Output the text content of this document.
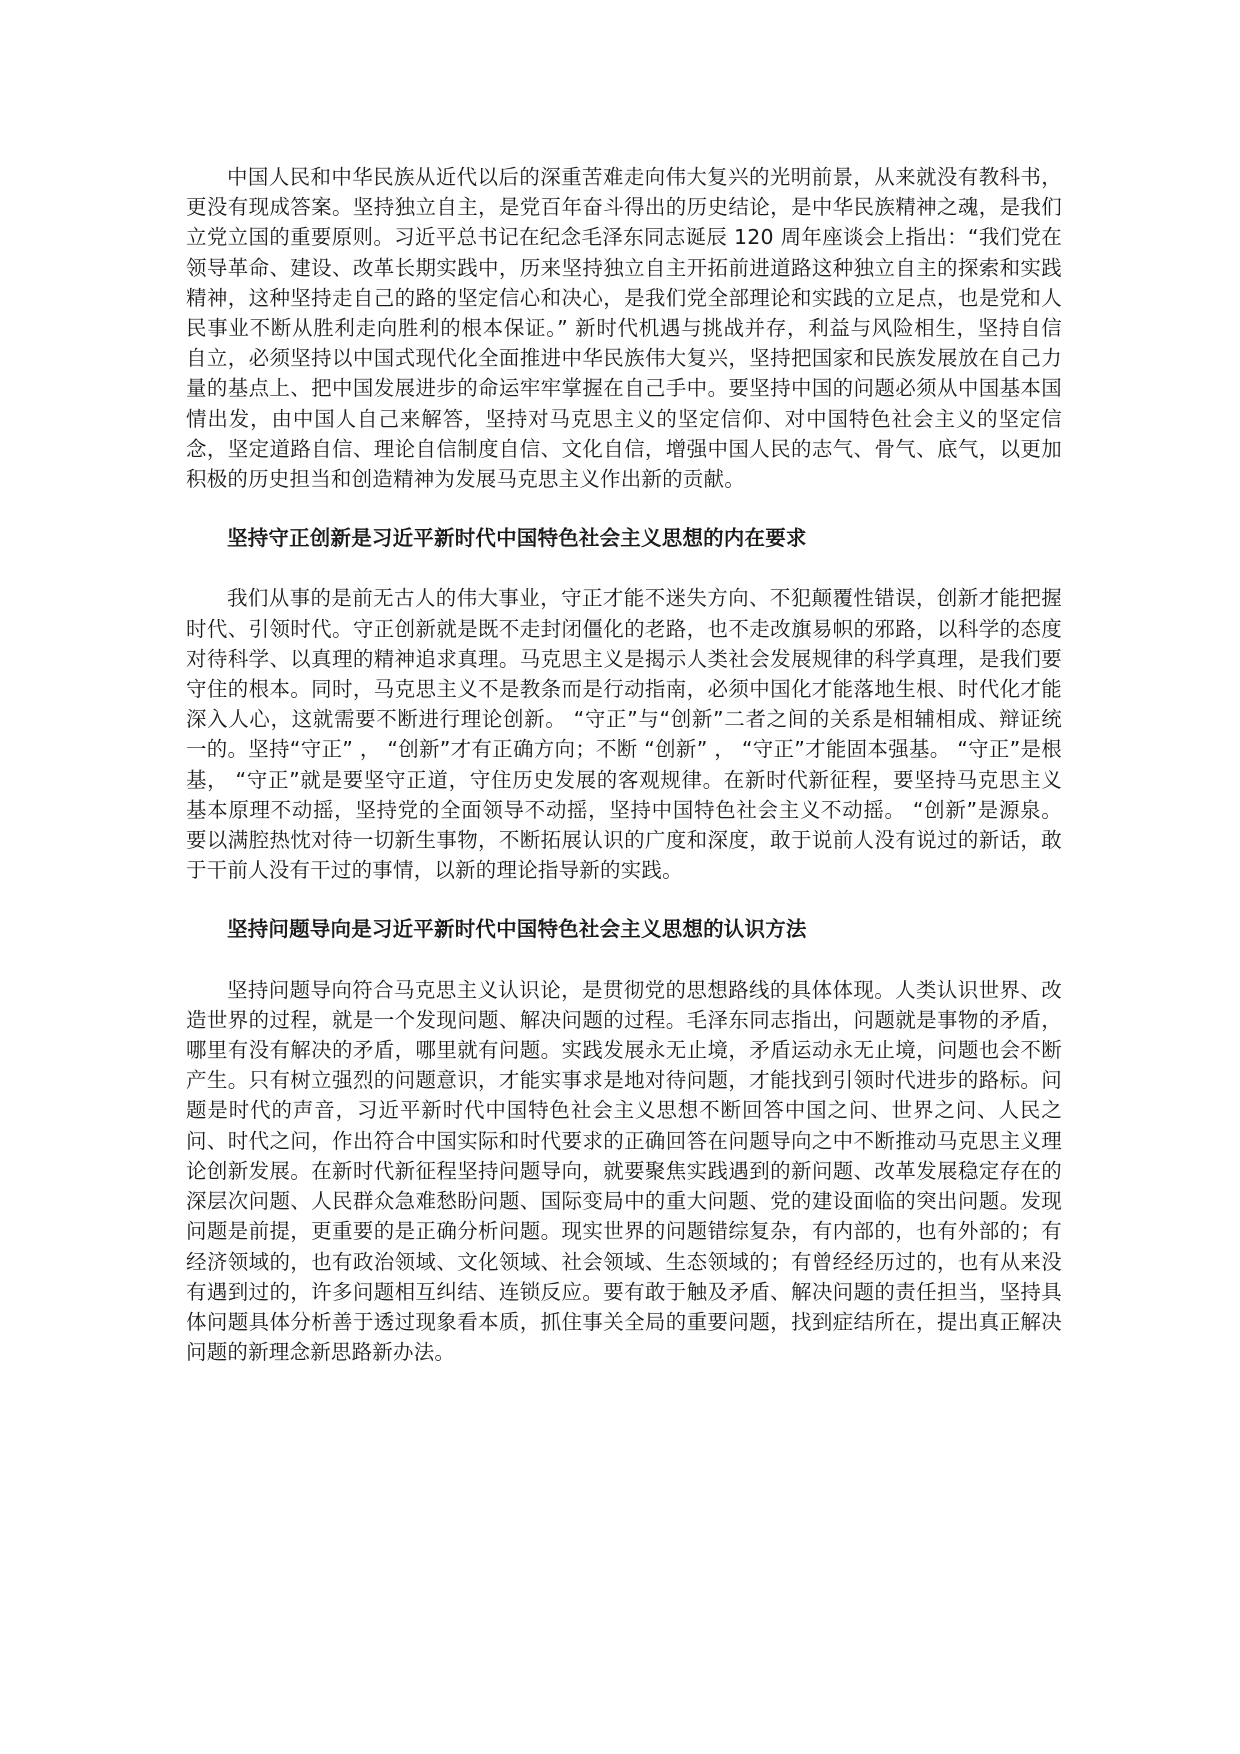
中国人民和中华民族从近代以后的深重苦难走向伟大复兴的光明前景，从来就没有教科书，更没有现成答案。坚持独立自主，是党百年奋斗得出的历史结论，是中华民族精神之魂，是我们立党立国的重要原则。习近平总书记在纪念毛泽东同志诞辰 120 周年座谈会上指出：“我们党在领导革命、建设、改革长期实践中，历来坚持独立自主开拓前进道路这种独立自主的探索和实践精神，这种坚持走自己的路的坚定信心和决心，是我们党全部理论和实践的立足点，也是党和人民事业不断从胜利走向胜利的根本保证。” 新时代机遇与挑战并存，利益与风险相生，坚持自信自立，必须坚持以中国式现代化全面推进中华民族伟大复兴，坚持把国家和民族发展放在自己力量的基点上、把中国发展进步的命运牢牢掌握在自己手中。要坚持中国的问题必须从中国基本国情出发，由中国人自己来解答，坚持对马克思主义的坚定信仰、对中国特色社会主义的坚定信念，坚定道路自信、理论自信制度自信、文化自信，增强中国人民的志气、骨气、底气，以更加积极的历史担当和创造精神为发展马克思主义作出新的贡献。

坚持守正创新是习近平新时代中国特色社会主义思想的内在要求

我们从事的是前无古人的伟大事业，守正才能不迷失方向、不犯颠覆性错误，创新才能把握时代、引领时代。守正创新就是既不走封闭僵化的老路，也不走改旗易帜的邪路，以科学的态度对待科学、以真理的精神追求真理。马克思主义是揭示人类社会发展规律的科学真理，是我们要守住的根本。同时，马克思主义不是教条而是行动指南，必须中国化才能落地生根、时代化才能深入人心，这就需要不断进行理论创新。 “守正”与“创新”二者之间的关系是相辅相成、辩证统一的。坚持“守正” ， “创新”才有正确方向；不断 “创新” ， “守正”才能固本强基。 “守正”是根基， “守正”就是要坚守正道，守住历史发展的客观规律。在新时代新征程，要坚持马克思主义基本原理不动摇，坚持党的全面领导不动摇，坚持中国特色社会主义不动摇。 “创新”是源泉。要以满腔热忱对待一切新生事物，不断拓展认识的广度和深度，敢于说前人没有说过的新话，敢于干前人没有干过的事情，以新的理论指导新的实践。

坚持问题导向是习近平新时代中国特色社会主义思想的认识方法

坚持问题导向符合马克思主义认识论，是贯彻党的思想路线的具体体现。人类认识世界、改造世界的过程，就是一个发现问题、解决问题的过程。毛泽东同志指出，问题就是事物的矛盾，哪里有没有解决的矛盾，哪里就有问题。实践发展永无止境，矛盾运动永无止境，问题也会不断产生。只有树立强烈的问题意识，才能实事求是地对待问题，才能找到引领时代进步的路标。问题是时代的声音，习近平新时代中国特色社会主义思想不断回答中国之问、世界之问、人民之问、时代之问，作出符合中国实际和时代要求的正确回答在问题导向之中不断推动马克思主义理论创新发展。在新时代新征程坚持问题导向，就要聚焦实践遇到的新问题、改革发展稳定存在的深层次问题、人民群众急难愁盼问题、国际变局中的重大问题、党的建设面临的突出问题。发现问题是前提，更重要的是正确分析问题。现实世界的问题错综复杂，有内部的，也有外部的；有经济领域的，也有政治领域、文化领域、社会领域、生态领域的；有曾经经历过的，也有从来没有遇到过的，许多问题相互纠结、连锁反应。要有敢于触及矛盾、解决问题的责任担当，坚持具体问题具体分析善于透过现象看本质，抓住事关全局的重要问题，找到症结所在，提出真正解决问题的新理念新思路新办法。
